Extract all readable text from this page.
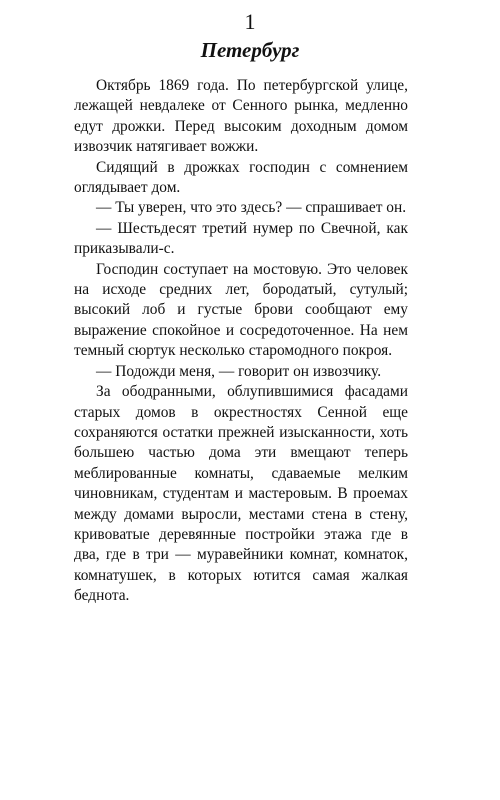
1
Петербург

Октябрь 1869 года. По петербургской улице, лежащей невдалеке от Сенного рынка, медленно едут дрожки. Перед высоким доходным домом извозчик натягивает вожжи.

Сидящий в дрожках господин с сомнением оглядывает дом.

— Ты уверен, что это здесь? — спрашивает он.

— Шестьдесят третий нумер по Свечной, как приказывали-с.

Господин соступает на мостовую. Это человек на исходе средних лет, бородатый, сутулый; высокий лоб и густые брови сообщают ему выражение спокойное и сосредоточенное. На нем темный сюртук несколько старомодного покроя.

— Подожди меня, — говорит он извозчику.

За ободранными, облупившимися фасадами старых домов в окрестностях Сенной еще сохраняются остатки прежней изысканности, хоть большею частью дома эти вмещают теперь меблированные комнаты, сдаваемые мелким чиновникам, студентам и мастеровым. В проемах между домами выросли, местами стена в стену, кривоватые деревянные постройки этажа где в два, где в три — муравейники комнат, комнаток, комнатушек, в которых ютится самая жалкая беднота.
